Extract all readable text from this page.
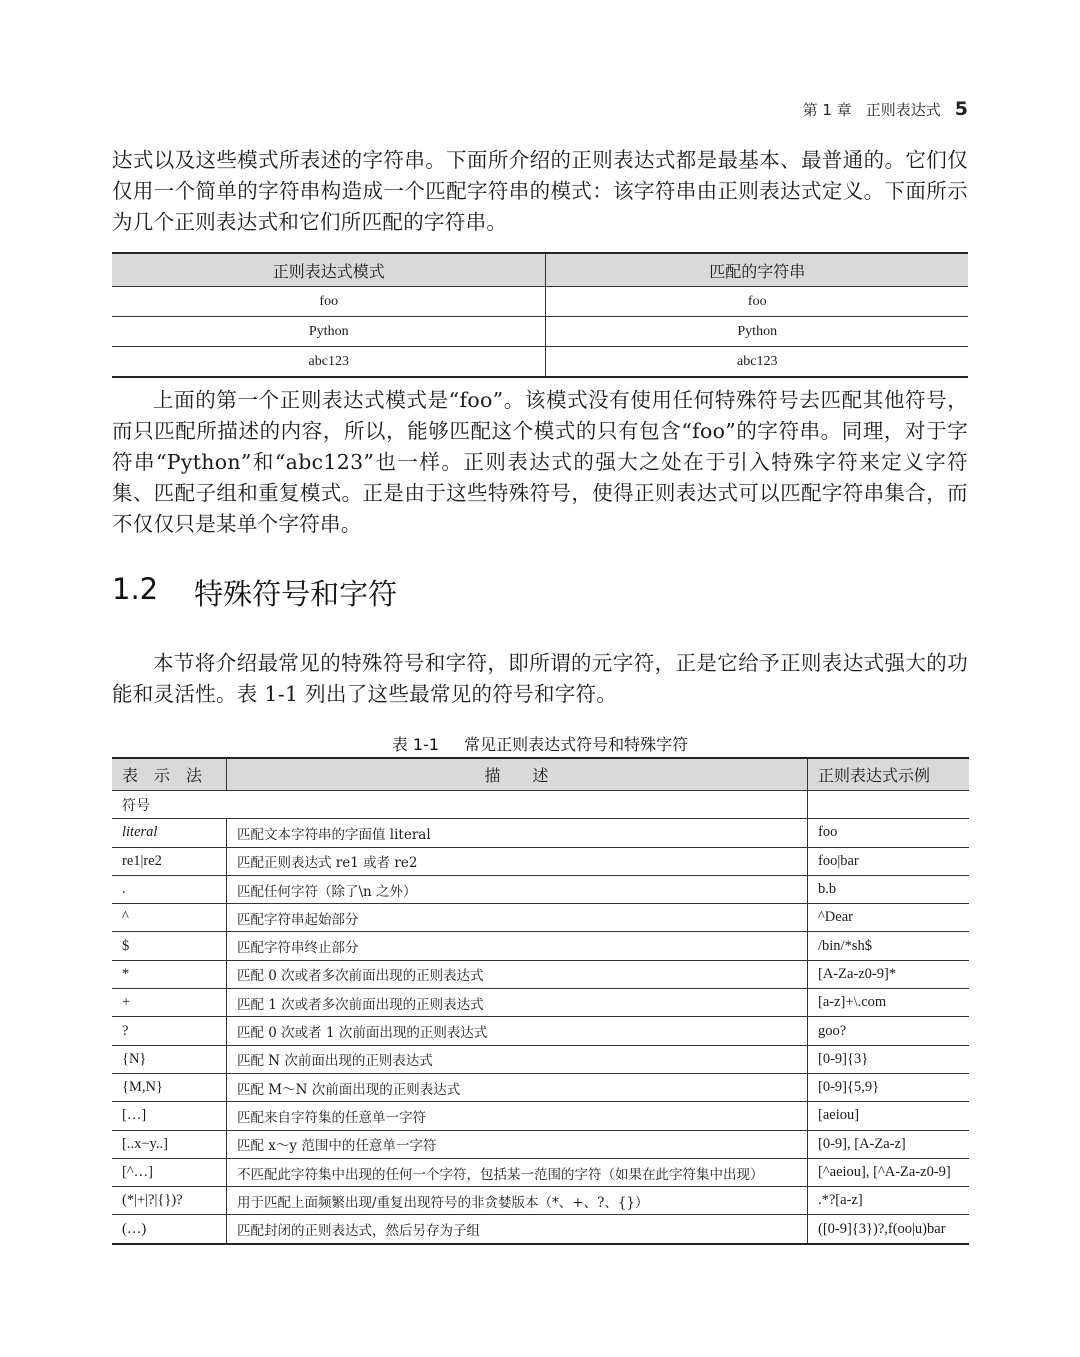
第 1 章 正则表达式 5

达式以及这些模式所表述的字符串。下面所介绍的正则表达式都是最基本、最普通的。它们仅仅用一个简单的字符串构造成一个匹配字符串的模式：该字符串由正则表达式定义。下面所示为几个正则表达式和它们所匹配的字符串。

正则表达式模式	匹配的字符串
foo	foo
Python	Python
abc123	abc123

上面的第一个正则表达式模式是“foo”。该模式没有使用任何特殊符号去匹配其他符号，而只匹配所描述的内容，所以，能够匹配这个模式的只有包含“foo”的字符串。同理，对于字符串“Python”和“abc123”也一样。正则表达式的强大之处在于引入特殊字符来定义字符集、匹配子组和重复模式。正是由于这些特殊符号，使得正则表达式可以匹配字符串集合，而不仅仅只是某单个字符串。

1.2 特殊符号和字符

本节将介绍最常见的特殊符号和字符，即所谓的元字符，正是它给予正则表达式强大的功能和灵活性。表 1-1 列出了这些最常见的符号和字符。

表 1-1 常见正则表达式符号和特殊字符
表　示　法	描　　述	正则表达式示例
符号		
literal	匹配文本字符串的字面值 literal	foo
re1|re2	匹配正则表达式 re1 或者 re2	foo|bar
.	匹配任何字符（除了\n 之外）	b.b
^	匹配字符串起始部分	^Dear
$	匹配字符串终止部分	/bin/*sh$
*	匹配 0 次或者多次前面出现的正则表达式	[A-Za-z0-9]*
+	匹配 1 次或者多次前面出现的正则表达式	[a-z]+\.com
?	匹配 0 次或者 1 次前面出现的正则表达式	goo?
{N}	匹配 N 次前面出现的正则表达式	[0-9]{3}
{M,N}	匹配 M～N 次前面出现的正则表达式	[0-9]{5,9}
[…]	匹配来自字符集的任意单一字符	[aeiou]
[..x−y..]	匹配 x～y 范围中的任意单一字符	[0-9], [A-Za-z]
[^…]	不匹配此字符集中出现的任何一个字符，包括某一范围的字符（如果在此字符集中出现）	[^aeiou], [^A-Za-z0-9]
(*|+|?|{})?	用于匹配上面频繁出现/重复出现符号的非贪婪版本（*、+、?、{}）	.*?[a-z]
(…)	匹配封闭的正则表达式，然后另存为子组	([0-9]{3})?,f(oo|u)bar
